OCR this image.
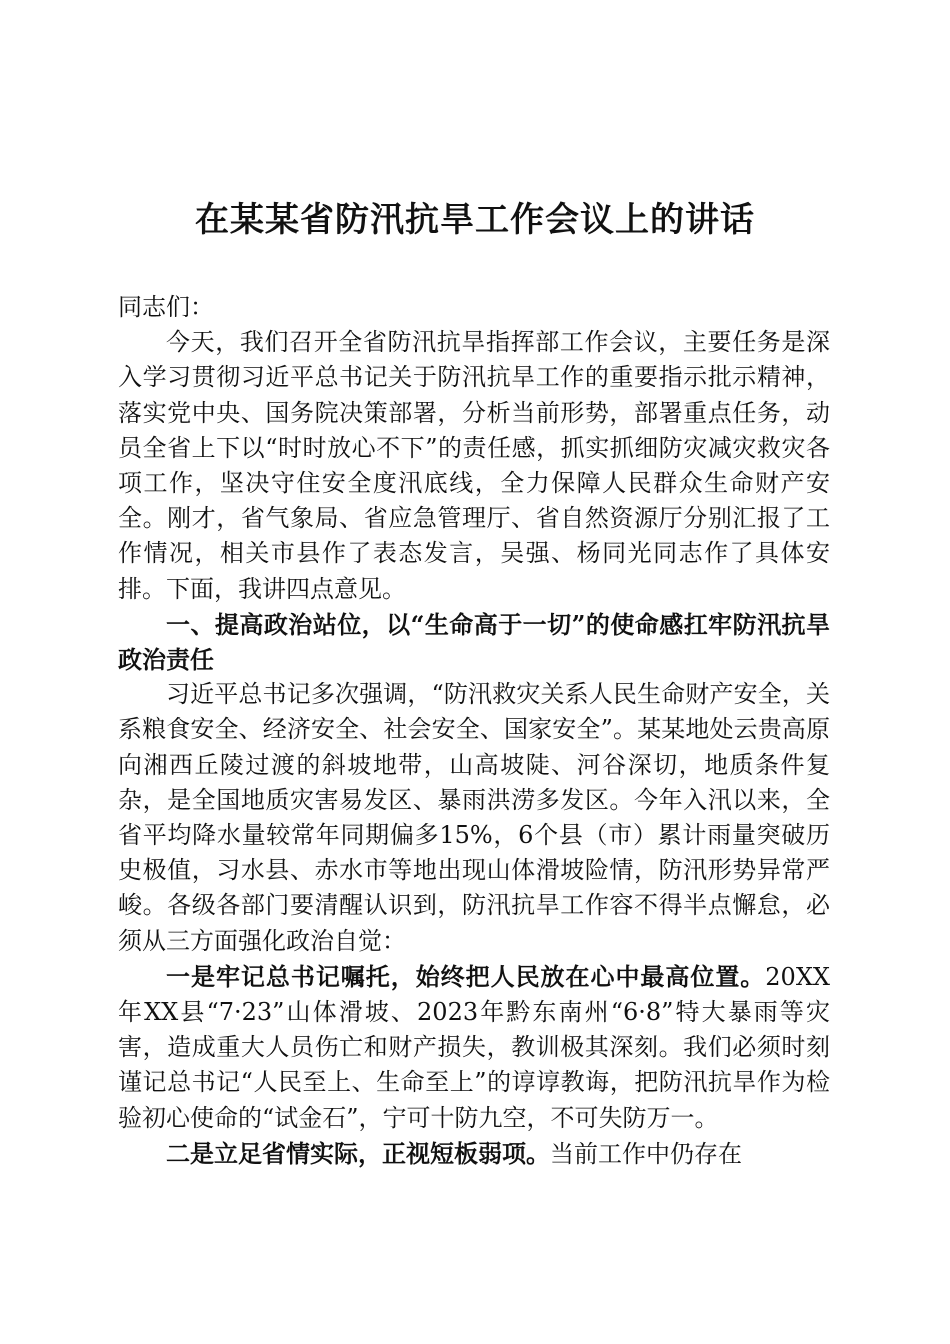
在某某省防汛抗旱工作会议上的讲话

同志们：

今天，我们召开全省防汛抗旱指挥部工作会议，主要任务是深入学习贯彻习近平总书记关于防汛抗旱工作的重要指示批示精神，落实党中央、国务院决策部署，分析当前形势，部署重点任务，动员全省上下以“时时放心不下”的责任感，抓实抓细防灾减灾救灾各项工作，坚决守住安全度汛底线，全力保障人民群众生命财产安全。刚才，省气象局、省应急管理厅、省自然资源厅分别汇报了工作情况，相关市县作了表态发言，吴强、杨同光同志作了具体安排。下面，我讲四点意见。

一、提高政治站位，以“生命高于一切”的使命感扛牢防汛抗旱政治责任

习近平总书记多次强调，“防汛救灾关系人民生命财产安全，关系粮食安全、经济安全、社会安全、国家安全”。某某地处云贵高原向湘西丘陵过渡的斜坡地带，山高坡陡、河谷深切，地质条件复杂，是全国地质灾害易发区、暴雨洪涝多发区。今年入汛以来，全省平均降水量较常年同期偏多15%，6个县（市）累计雨量突破历史极值，习水县、赤水市等地出现山体滑坡险情，防汛形势异常严峻。各级各部门要清醒认识到，防汛抗旱工作容不得半点懈怠，必须从三方面强化政治自觉：

一是牢记总书记嘱托，始终把人民放在心中最高位置。20XX年XX县“7·23”山体滑坡、2023年黔东南州“6·8”特大暴雨等灾害，造成重大人员伤亡和财产损失，教训极其深刻。我们必须时刻谨记总书记“人民至上、生命至上”的谆谆教诲，把防汛抗旱作为检验初心使命的“试金石”，宁可十防九空，不可失防万一。

二是立足省情实际，正视短板弱项。当前工作中仍存在
